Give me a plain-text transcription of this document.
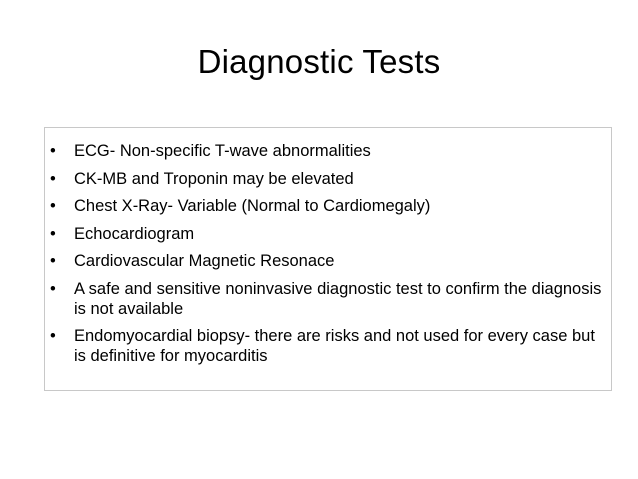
Diagnostic Tests
•	ECG- Non-specific T-wave abnormalities
•	CK-MB and Troponin may be elevated
•	Chest X-Ray- Variable (Normal to Cardiomegaly)
•	Echocardiogram
•	Cardiovascular Magnetic Resonace
•	A safe and sensitive noninvasive diagnostic test to confirm the diagnosis is not available
•	Endomyocardial biopsy- there are risks and not used for every case but is definitive for myocarditis
